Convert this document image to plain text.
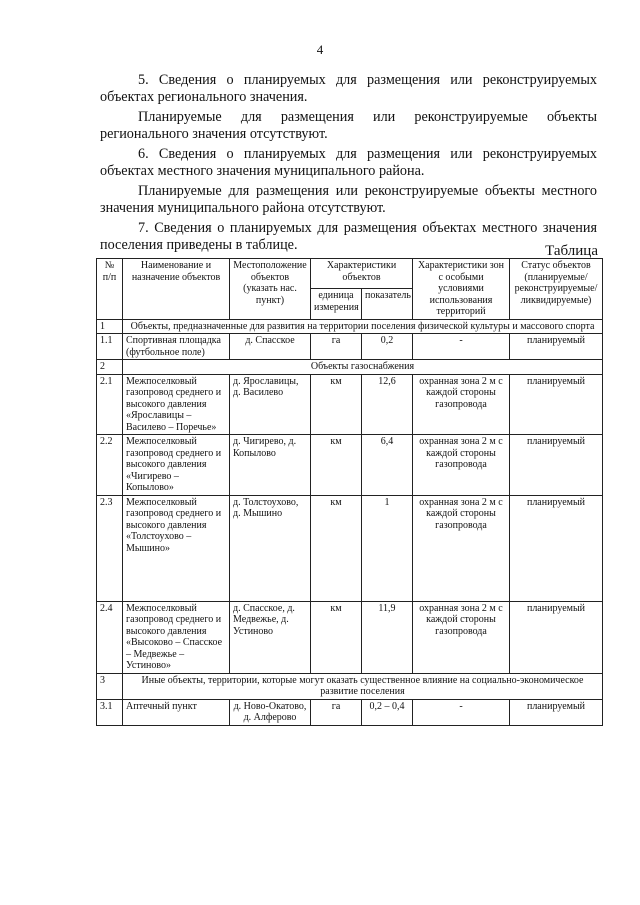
4

5. Сведения о планируемых для размещения или реконструируемых объектах регионального значения.

Планируемые для размещения или реконструируемые объекты регионального значения отсутствуют.

6. Сведения о планируемых для размещения или реконструируемых объектах местного значения муниципального района.

Планируемые для размещения или реконструируемые объекты местного значения муниципального района отсутствуют.

7. Сведения о планируемых для размещения объектах местного значения поселения приведены в таблице.	Таблица
№ п/п	Наименование и назначение объектов	Местоположение объектов (указать нас. пункт)	Характеристики объектов		Характеристики зон с особыми условиями использования территорий	Статус объектов (планируемые/ реконструируемые/ликвидируемые)
			единица измерения	показатель		
1	Объекты, предназначенные для развития на территории поселения физической культуры и массового спорта					
1.1	Спортивная площадка (футбольное поле)	д. Спасское	га	0,2	-	планируемый
2	Объекты газоснабжения					
2.1	Межпоселковый газопровод среднего и высокого давления «Ярославицы – Василево – Поречье»	д. Ярославицы, д. Василево	км	12,6	охранная зона 2 м с каждой стороны газопровода	планируемый
2.2	Межпоселковый газопровод среднего и высокого давления «Чигирево – Копылово»	д. Чигирево, д. Копылово	км	6,4	охранная зона 2 м с каждой стороны газопровода	планируемый
2.3	Межпоселковый газопровод среднего и высокого давления «Толстоухово – Мышино»	д. Толстоухово, д. Мышино	км	1	охранная зона 2 м с каждой стороны газопровода	планируемый
2.4	Межпоселковый газопровод среднего и высокого давления «Высоково – Спасское – Медвежье – Устиново»	д. Спасское, д. Медвежье, д. Устиново	км	11,9	охранная зона 2 м с каждой стороны газопровода	планируемый
3	Иные объекты, территории, которые могут оказать существенное влияние на социально-экономическое развитие поселения					
3.1	Аптечный пункт	д. Ново-Окатово, д. Алферово	га	0,2 – 0,4	-	планируемый
